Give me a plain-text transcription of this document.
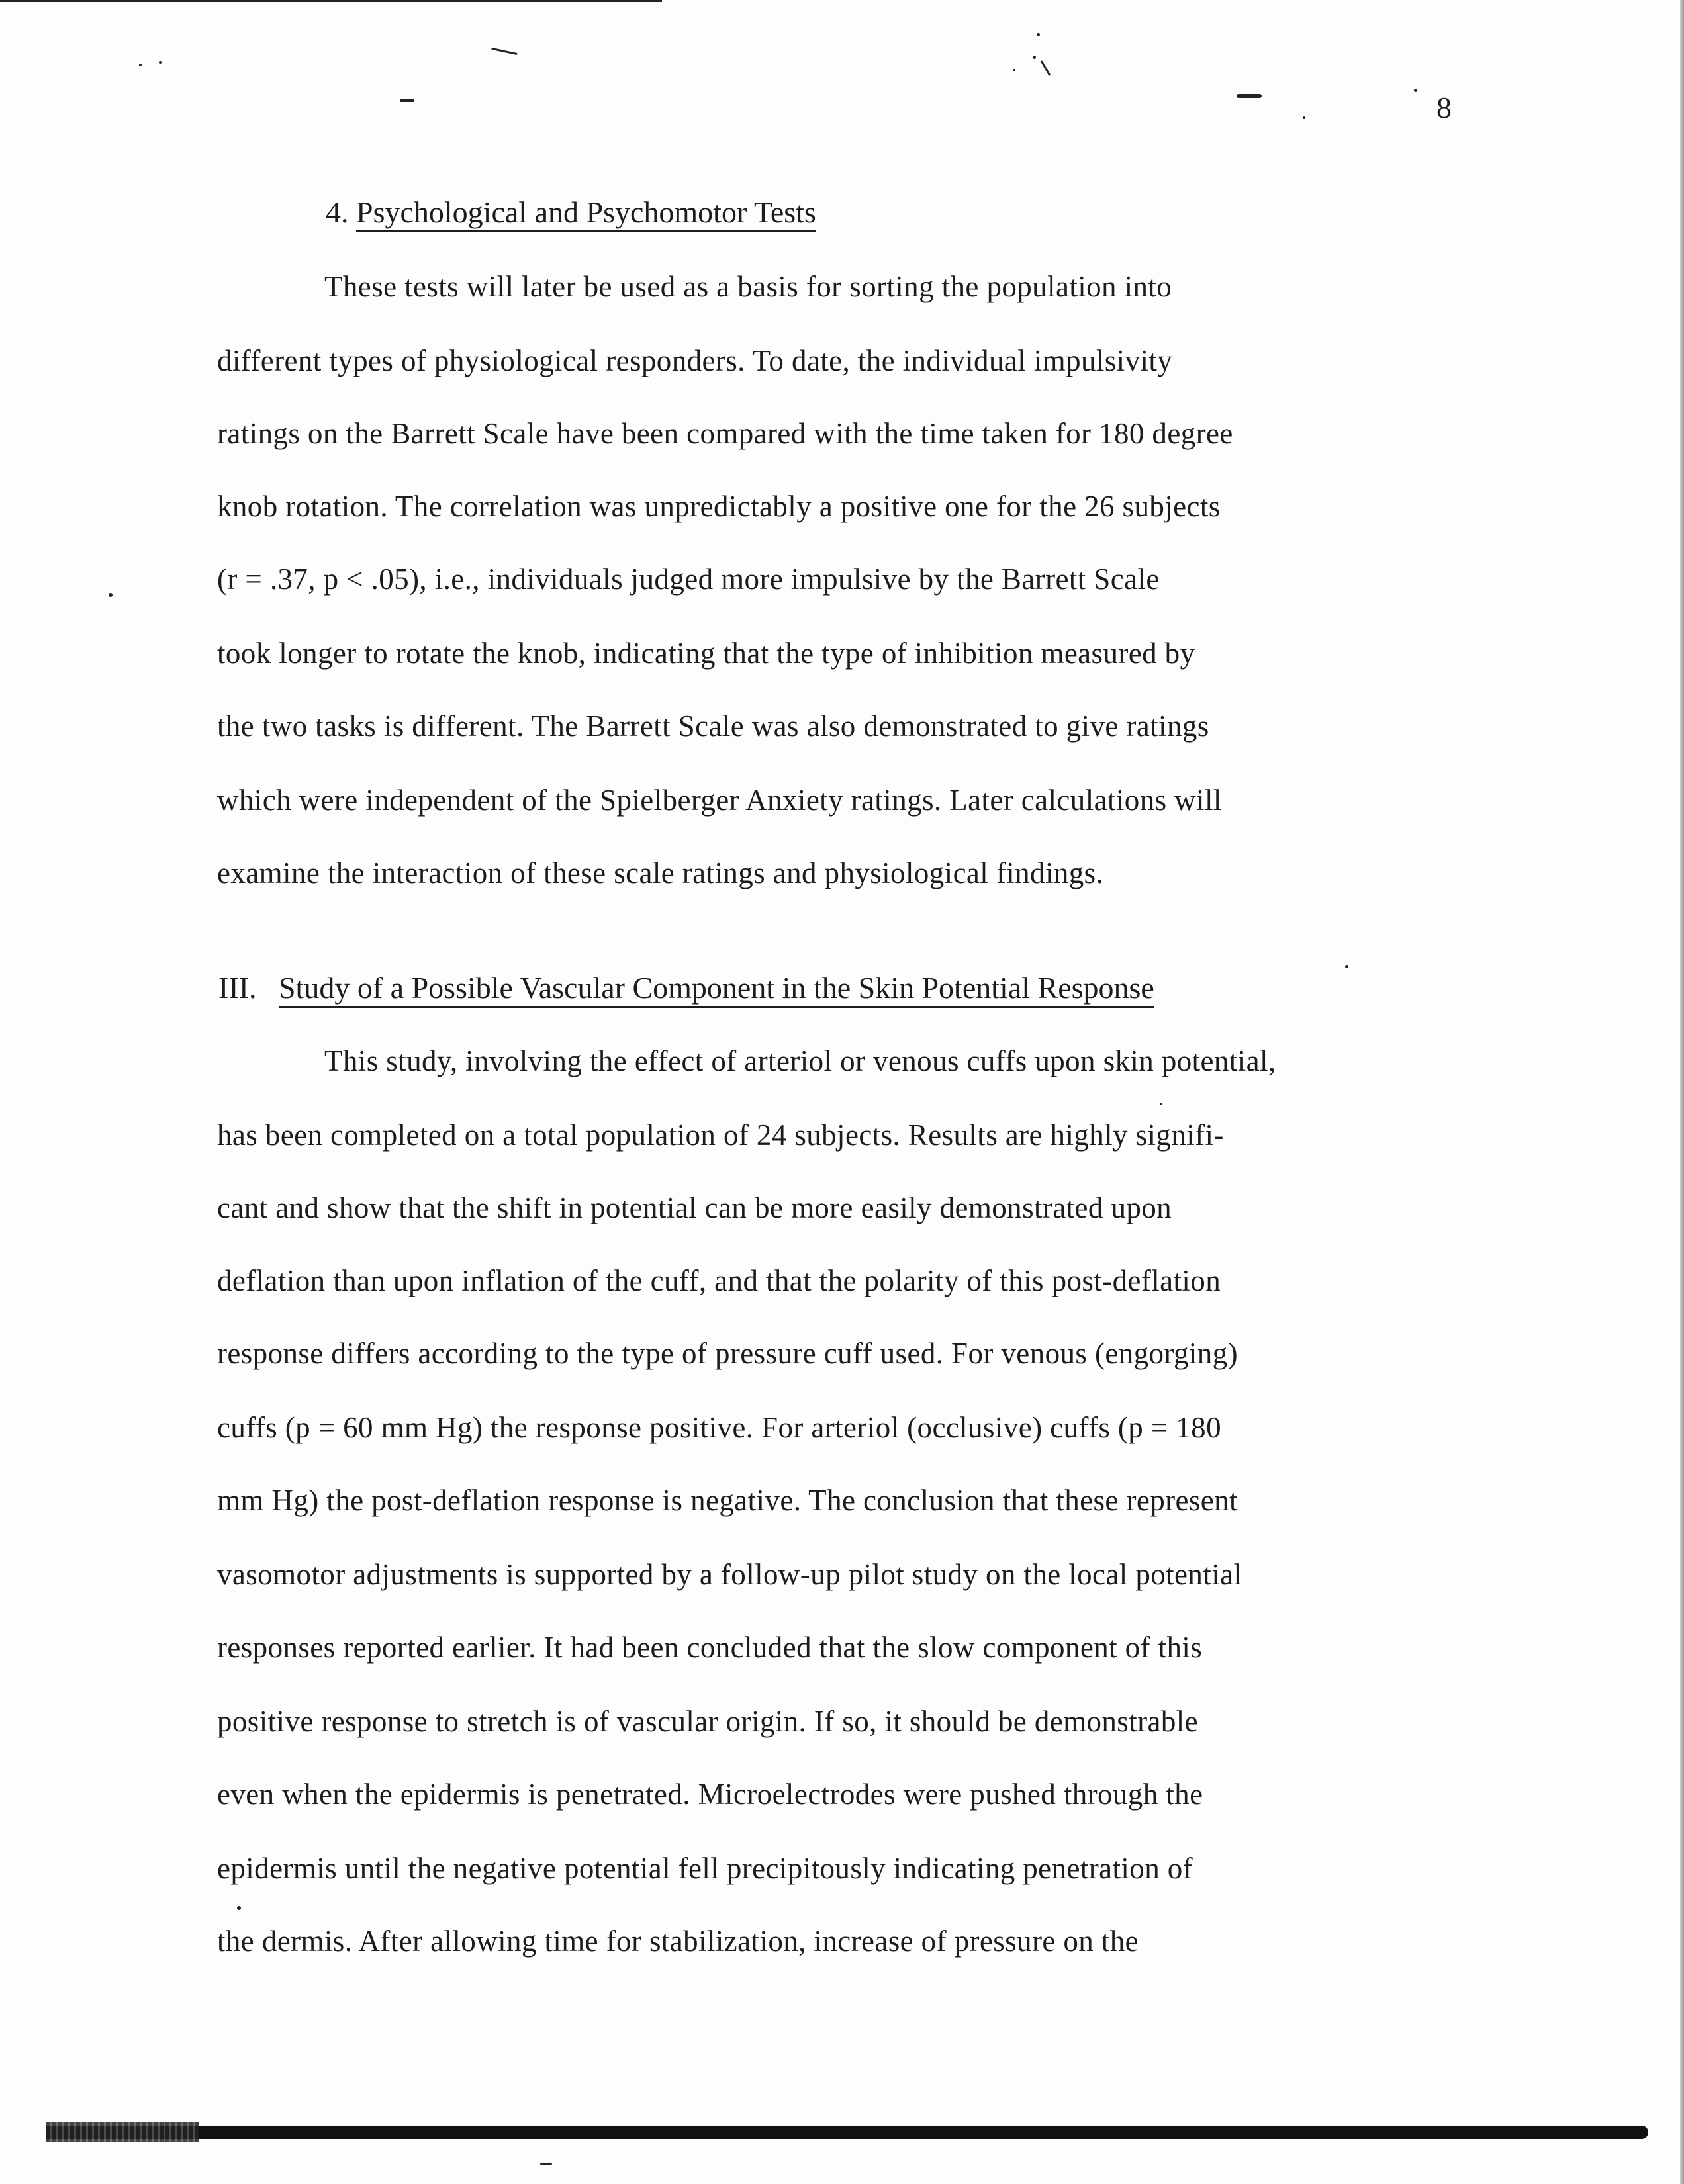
8
4. Psychological and Psychomotor Tests
These tests will later be used as a basis for sorting the population into
different types of physiological responders. To date, the individual impulsivity
ratings on the Barrett Scale have been compared with the time taken for 180 degree
knob rotation. The correlation was unpredictably a positive one for the 26 subjects
(r = .37, p < .05), i.e., individuals judged more impulsive by the Barrett Scale
took longer to rotate the knob, indicating that the type of inhibition measured by
the two tasks is different. The Barrett Scale was also demonstrated to give ratings
which were independent of the Spielberger Anxiety ratings. Later calculations will
examine the interaction of these scale ratings and physiological findings.
III. Study of a Possible Vascular Component in the Skin Potential Response
This study, involving the effect of arteriol or venous cuffs upon skin potential,
has been completed on a total population of 24 subjects. Results are highly signifi-
cant and show that the shift in potential can be more easily demonstrated upon
deflation than upon inflation of the cuff, and that the polarity of this post-deflation
response differs according to the type of pressure cuff used. For venous (engorging)
cuffs (p = 60 mm Hg) the response positive. For arteriol (occlusive) cuffs (p = 180
mm Hg) the post-deflation response is negative. The conclusion that these represent
vasomotor adjustments is supported by a follow-up pilot study on the local potential
responses reported earlier. It had been concluded that the slow component of this
positive response to stretch is of vascular origin. If so, it should be demonstrable
even when the epidermis is penetrated. Microelectrodes were pushed through the
epidermis until the negative potential fell precipitously indicating penetration of
the dermis. After allowing time for stabilization, increase of pressure on the
